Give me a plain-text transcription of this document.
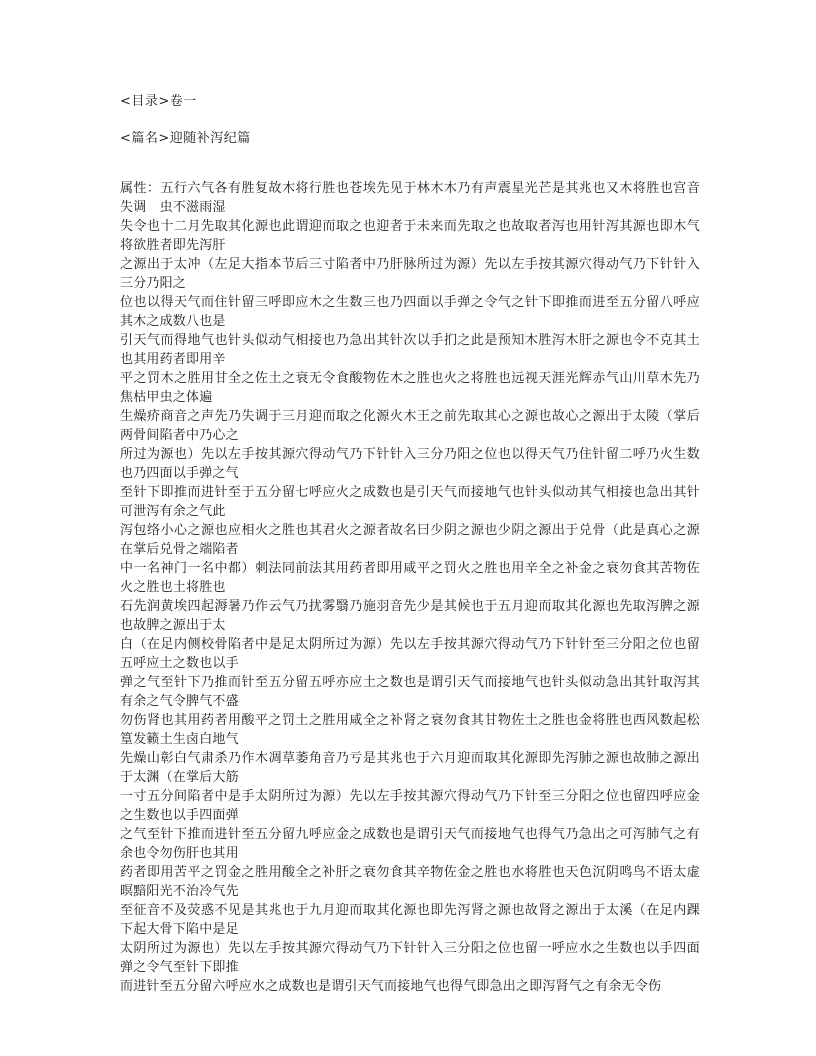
<目录>卷一

<篇名>迎随补泻纪篇

属性：五行六气各有胜复故木将行胜也苍埃先见于林木木乃有声震星光芒是其兆也又木将胜也宫音失调　虫不滋雨湿

失令也十二月先取其化源也此谓迎而取之也迎者于未来而先取之也故取者泻也用针泻其源也即木气将欲胜者即先泻肝

之源出于太冲（左足大指本节后三寸陷者中乃肝脉所过为源）先以左手按其源穴得动气乃下针针入三分乃阳之

位也以得天气而住针留三呼即应木之生数三也乃四面以手弹之令气之针下即推而进至五分留八呼应其木之成数八也是

引天气而得地气也针头似动气相接也乃急出其针次以手扪之此是预知木胜泻木肝之源也令不克其土也其用药者即用辛

平之罚木之胜用甘全之佐土之衰无令食酸物佐木之胜也火之将胜也远视天涯光辉赤气山川草木先乃焦枯甲虫之体遍

生燥疥商音之声先乃失调于三月迎而取之化源火木王之前先取其心之源也故心之源出于太陵（掌后两骨间陷者中乃心之

所过为源也）先以左手按其源穴得动气乃下针针入三分乃阳之位也以得天气乃住针留二呼乃火生数也乃四面以手弹之气

至针下即推而进针至于五分留七呼应火之成数也是引天气而接地气也针头似动其气相接也急出其针可泄泻有余之气此

泻包络小心之源也应相火之胜也其君火之源者故名曰少阴之源也少阴之源出于兑骨（此是真心之源在掌后兑骨之端陷者

中一名神门一名中都）刺法同前法其用药者即用咸平之罚火之胜也用辛全之补金之衰勿食其苦物佐火之胜也土将胜也

石先润黄埃四起溽暑乃作云气乃扰雾翳乃施羽音先少是其候也于五月迎而取其化源也先取泻脾之源也故脾之源出于太

白（在足内侧校骨陷者中是足太阴所过为源）先以左手按其源穴得动气乃下针针至三分阳之位也留五呼应土之数也以手

弹之气至针下乃推而针至五分留五呼亦应土之数也是谓引天气而接地气也针头似动急出其针取泻其有余之气令脾气不盛

勿伤肾也其用药者用酸平之罚土之胜用咸全之补肾之衰勿食其甘物佐土之胜也金将胜也西风数起松篁发籁土生卤白地气

先燥山彰白气肃杀乃作木凋草萎角音乃亏是其兆也于六月迎而取其化源即先泻肺之源也故肺之源出于太渊（在掌后大筋

一寸五分间陷者中是手太阴所过为源）先以左手按其源穴得动气乃下针至三分阳之位也留四呼应金之生数也以手四面弹

之气至针下推而进针至五分留九呼应金之成数也是谓引天气而接地气也得气乃急出之可泻肺气之有余也令勿伤肝也其用

药者即用苦平之罚金之胜用酸全之补肝之衰勿食其辛物佐金之胜也水将胜也天色沉阴鸣鸟不语太虚暝黯阳光不治冷气先

至征音不及荧惑不见是其兆也于九月迎而取其化源也即先泻肾之源也故肾之源出于太溪（在足内踝下起大骨下陷中是足

太阴所过为源也）先以左手按其源穴得动气乃下针针入三分阳之位也留一呼应水之生数也以手四面弹之令气至针下即推

而进针至五分留六呼应水之成数也是谓引天气而接地气也得气即急出之即泻肾气之有余无令伤
